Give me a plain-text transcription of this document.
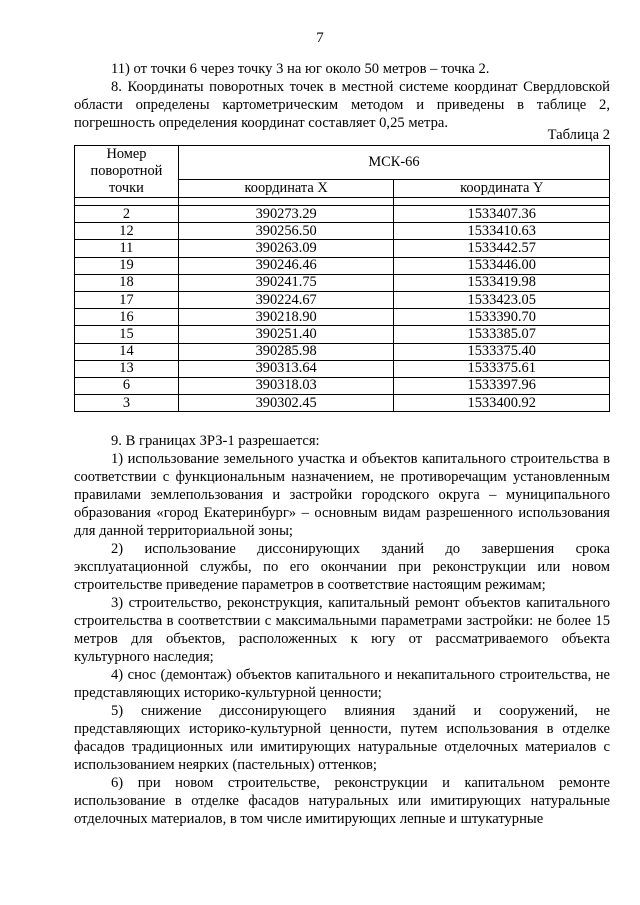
7

11) от точки 6 через точку 3 на юг около 50 метров – точка 2.

8. Координаты поворотных точек в местной системе координат Свердловской области определены картометрическим методом и приведены в таблице 2, погрешность определения координат составляет 0,25 метра.

Таблица 2
Номер поворотной точки	МСК-66	
	координата X	координата Y

2	390273.29	1533407.36
12	390256.50	1533410.63
11	390263.09	1533442.57
19	390246.46	1533446.00
18	390241.75	1533419.98
17	390224.67	1533423.05
16	390218.90	1533390.70
15	390251.40	1533385.07
14	390285.98	1533375.40
13	390313.64	1533375.61
6	390318.03	1533397.96
3	390302.45	1533400.92

9. В границах ЗРЗ-1 разрешается:

1) использование земельного участка и объектов капитального строительства в соответствии с функциональным назначением, не противоречащим установленным правилами землепользования и застройки городского округа – муниципального образования «город Екатеринбург» – основным видам разрешенного использования для данной территориальной зоны;

2) использование диссонирующих зданий до завершения срока эксплуатационной службы, по его окончании при реконструкции или новом строительстве приведение параметров в соответствие настоящим режимам;

3) строительство, реконструкция, капитальный ремонт объектов капитального строительства в соответствии с максимальными параметрами застройки: не более 15 метров для объектов, расположенных к югу от рассматриваемого объекта культурного наследия;

4) снос (демонтаж) объектов капитального и некапитального строительства, не представляющих историко-культурной ценности;

5) снижение диссонирующего влияния зданий и сооружений, не представляющих историко-культурной ценности, путем использования в отделке фасадов традиционных или имитирующих натуральные отделочных материалов с использованием неярких (пастельных) оттенков;

6) при новом строительстве, реконструкции и капитальном ремонте использование в отделке фасадов натуральных или имитирующих натуральные отделочных материалов, в том числе имитирующих лепные и штукатурные
